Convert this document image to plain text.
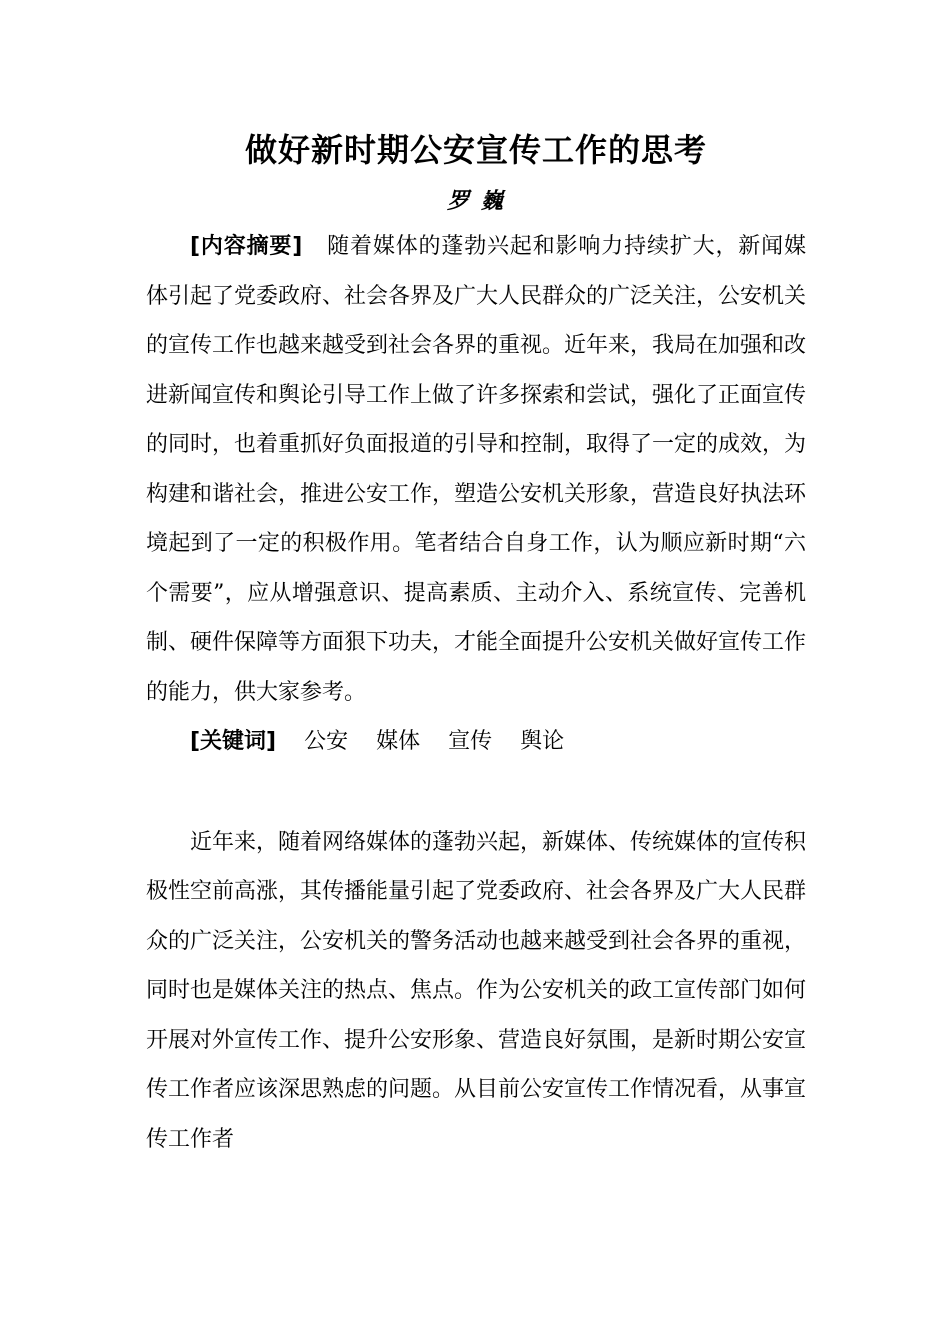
做好新时期公安宣传工作的思考
罗 巍

[内容摘要] 随着媒体的蓬勃兴起和影响力持续扩大，新闻媒体引起了党委政府、社会各界及广大人民群众的广泛关注，公安机关的宣传工作也越来越受到社会各界的重视。近年来，我局在加强和改进新闻宣传和舆论引导工作上做了许多探索和尝试，强化了正面宣传的同时，也着重抓好负面报道的引导和控制，取得了一定的成效，为构建和谐社会，推进公安工作，塑造公安机关形象，营造良好执法环境起到了一定的积极作用。笔者结合自身工作，认为顺应新时期“六个需要”，应从增强意识、提高素质、主动介入、系统宣传、完善机制、硬件保障等方面狠下功夫，才能全面提升公安机关做好宣传工作的能力，供大家参考。

[关键词] 公安 媒体 宣传 舆论

近年来，随着网络媒体的蓬勃兴起，新媒体、传统媒体的宣传积极性空前高涨，其传播能量引起了党委政府、社会各界及广大人民群众的广泛关注，公安机关的警务活动也越来越受到社会各界的重视，同时也是媒体关注的热点、焦点。作为公安机关的政工宣传部门如何开展对外宣传工作、提升公安形象、营造良好氛围，是新时期公安宣传工作者应该深思熟虑的问题。从目前公安宣传工作情况看，从事宣传工作者
